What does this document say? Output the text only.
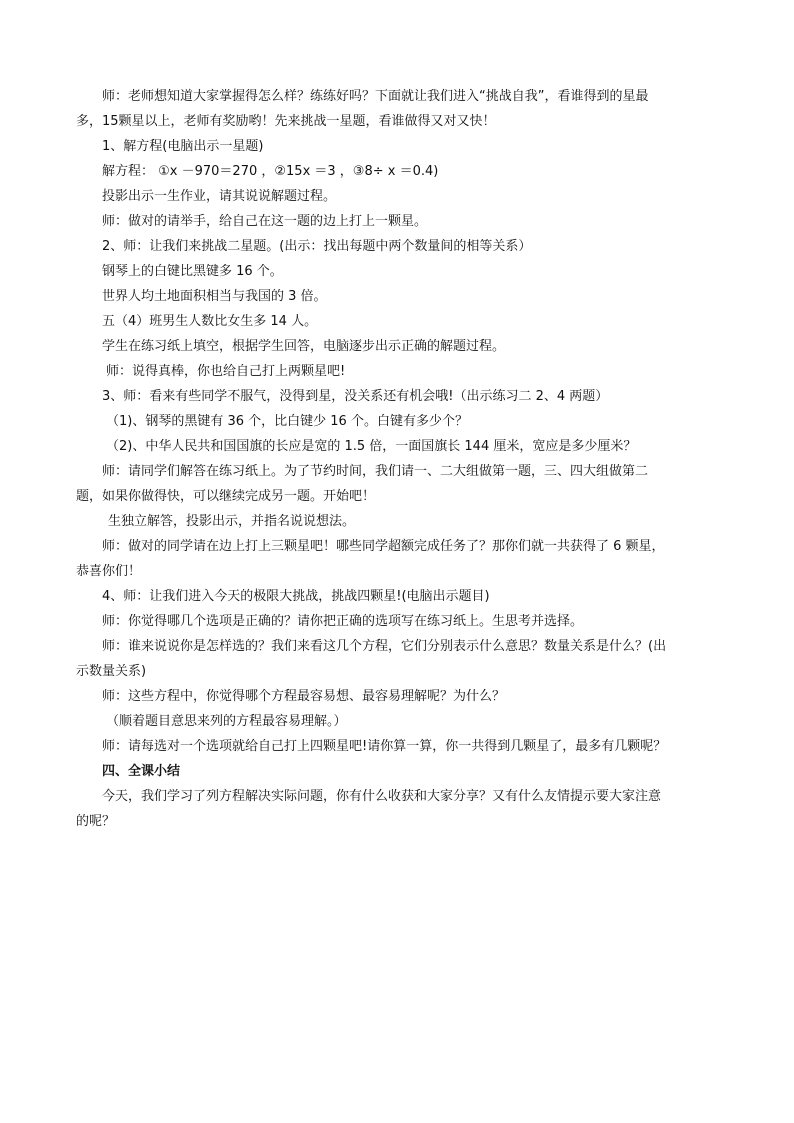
师：老师想知道大家掌握得怎么样？练练好吗？下面就让我们进入“挑战自我”，看谁得到的星最
多，15颗星以上，老师有奖励哟！先来挑战一星题，看谁做得又对又快！
1、解方程(电脑出示一星题)
解方程： ①x －970＝270 ，②15x ＝3 ，③8÷ x ＝0.4)
投影出示一生作业，请其说说解题过程。
师：做对的请举手，给自己在这一题的边上打上一颗星。
2、师：让我们来挑战二星题。(出示：找出每题中两个数量间的相等关系）
钢琴上的白键比黑键多 16 个。
世界人均土地面积相当与我国的 3 倍。
五（4）班男生人数比女生多 14 人。
学生在练习纸上填空，根据学生回答，电脑逐步出示正确的解题过程。
师：说得真棒，你也给自己打上两颗星吧!
3、师：看来有些同学不服气，没得到星，没关系还有机会哦!（出示练习二 2、4 两题）
（1)、钢琴的黑键有 36 个，比白键少 16 个。白键有多少个？
（2)、中华人民共和国国旗的长应是宽的 1.5 倍，一面国旗长 144 厘米，宽应是多少厘米？
师：请同学们解答在练习纸上。为了节约时间，我们请一、二大组做第一题，三、四大组做第二
题，如果你做得快，可以继续完成另一题。开始吧！
生独立解答，投影出示，并指名说说想法。
师：做对的同学请在边上打上三颗星吧！哪些同学超额完成任务了？那你们就一共获得了 6 颗星，
恭喜你们！
4、师：让我们进入今天的极限大挑战，挑战四颗星!(电脑出示题目)
师：你觉得哪几个选项是正确的？请你把正确的选项写在练习纸上。生思考并选择。
师：谁来说说你是怎样选的？我们来看这几个方程，它们分别表示什么意思？数量关系是什么？(出
示数量关系)
师：这些方程中，你觉得哪个方程最容易想、最容易理解呢？为什么？
（顺着题目意思来列的方程最容易理解。）
师：请每选对一个选项就给自己打上四颗星吧!请你算一算，你一共得到几颗星了，最多有几颗呢？
四、全课小结
今天，我们学习了列方程解决实际问题，你有什么收获和大家分享？又有什么友情提示要大家注意
的呢？
